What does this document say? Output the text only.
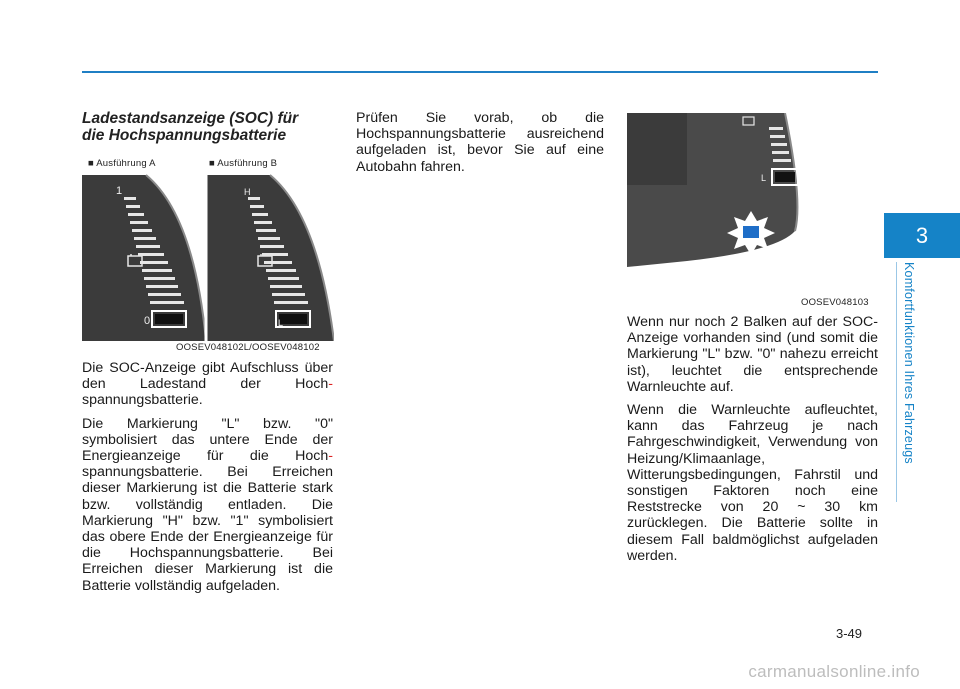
3
Komfortfunktionen Ihres Fahrzeugs
Ladestandsanzeige (SOC) für
die Hochspannungsbatterie
■ Ausführung A	■ Ausführung B
1
0
H
L
OOSEV048102L/OOSEV048102

Die SOC-Anzeige gibt Aufschluss über den Ladestand der Hoch- spannungsbatterie.

Die Markierung "L" bzw. "0" symbolisiert das untere Ende der Energieanzeige für die Hoch- spannungsbatterie. Bei Erreichen dieser Markierung ist die Batterie stark bzw. vollständig entladen. Die Markierung "H" bzw. "1" symbolisiert das obere Ende der Energieanzeige für die Hochspannungsbatterie. Bei Erreichen dieser Markierung ist die Batterie vollständig aufgeladen.

Prüfen Sie vorab, ob die Hochspannungsbatterie ausreichend aufgeladen ist, bevor Sie auf eine Autobahn fahren.

L
OOSEV048103

Wenn nur noch 2 Balken auf der SOC-Anzeige vorhanden sind (und somit die Markierung "L" bzw. "0" nahezu erreicht ist), leuchtet die entsprechende Warnleuchte auf.

Wenn die Warnleuchte aufleuchtet, kann das Fahrzeug je nach Fahrgeschwindigkeit, Verwendung von Heizung/Klimaanlage, Witterungsbedingungen, Fahrstil und sonstigen Faktoren noch eine Reststrecke von 20 ~ 30 km zurücklegen. Die Batterie sollte in diesem Fall baldmöglichst aufgeladen werden.

3-49
carmanualsonline.info
